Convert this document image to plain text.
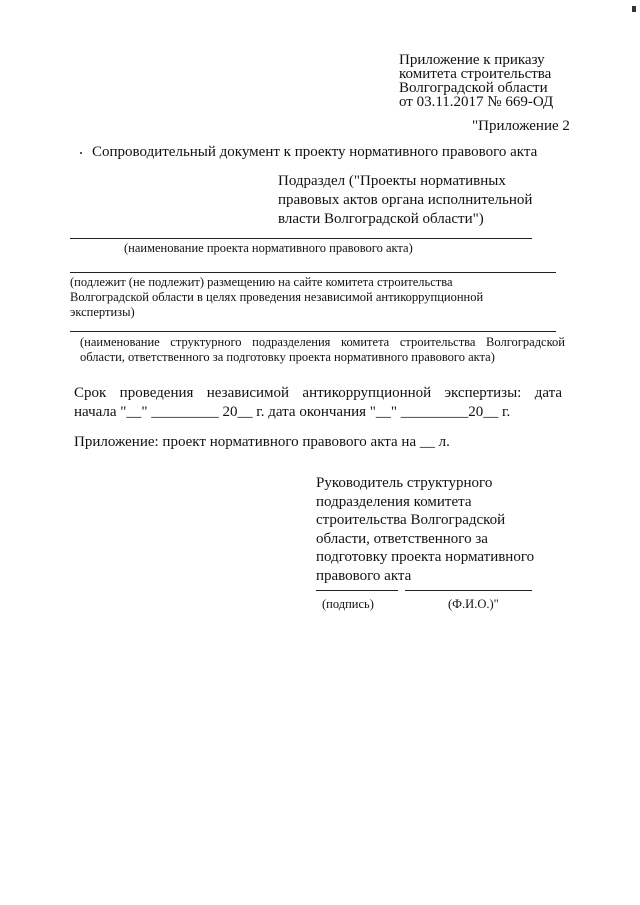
Приложение к приказу
комитета строительства
Волгоградской области
от 03.11.2017 № 669-ОД
"Приложение 2
Сопроводительный документ к проекту нормативного правового акта
Подраздел ("Проекты нормативных
правовых актов органа исполнительной
власти Волгоградской области")
(наименование проекта нормативного правового акта)
(подлежит (не подлежит) размещению на сайте комитета строительства
Волгоградской области в целях проведения независимой антикоррупционной
экспертизы)
(наименование структурного подразделения комитета строительства Волгоградской
области, ответственного за подготовку проекта нормативного правового акта)
Срок проведения независимой антикоррупционной экспертизы: дата
начала "__" _________ 20__ г. дата окончания "__" _________20__ г.
Приложение: проект нормативного правового акта на __ л.
Руководитель структурного
подразделения комитета
строительства Волгоградской
области, ответственного за
подготовку проекта нормативного
правового акта
(подпись)	(Ф.И.О.)"
